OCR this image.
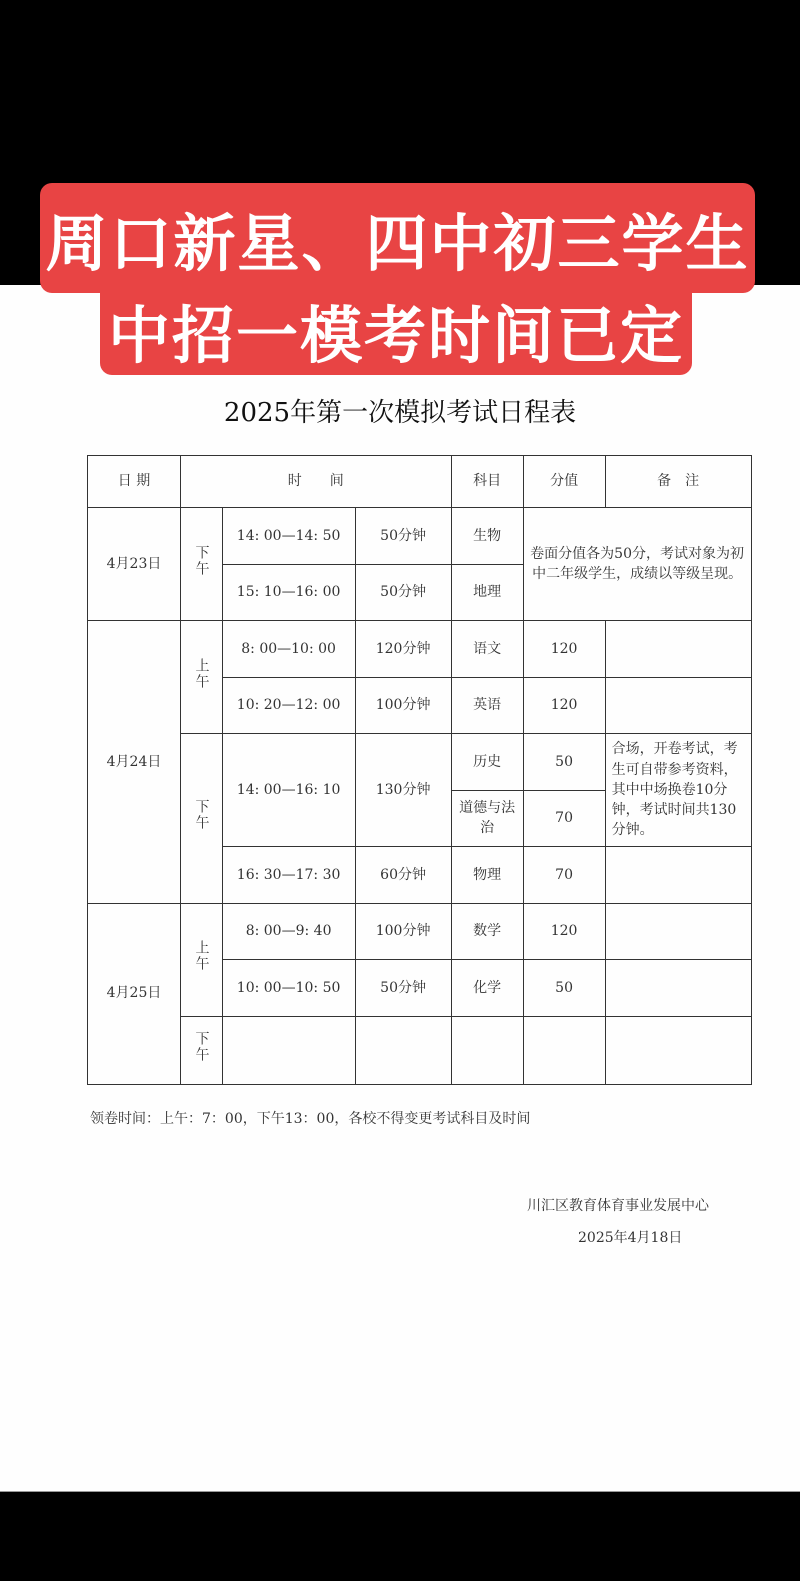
周口新星、四中初三学生
中招一模考时间已定
2025年第一次模拟考试日程表
日 期	时　　间			科目	分值	备　注
4月23日	下午	14: 00—14: 50	50分钟	生物	卷面分值各为50分，考试对象为初中二年级学生，成绩以等级呈现。	
		15: 10—16: 00	50分钟	地理		
4月24日	上午	8: 00—10: 00	120分钟	语文	120	
		10: 20—12: 00	100分钟	英语	120	
	下午	14: 00—16: 10	130分钟	历史	50	合场，开卷考试，考生可自带参考资料，其中中场换卷10分钟，考试时间共130分钟。
				道德与法治	70	
		16: 30—17: 30	60分钟	物理	70	
4月25日	上午	8: 00—9: 40	100分钟	数学	120	
		10: 00—10: 50	50分钟	化学	50	
	下午					
领卷时间：上午：7：00，下午13：00，各校不得变更考试科目及时间
川汇区教育体育事业发展中心
2025年4月18日
